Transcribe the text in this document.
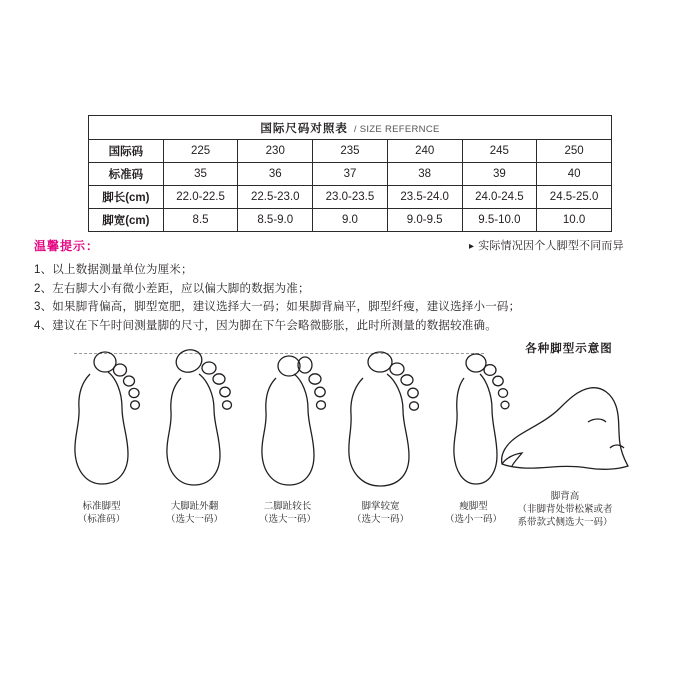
国际尺码对照表 / SIZE REFERNCE						
国际码	225	230	235	240	245	250
标准码	35	36	37	38	39	40
脚长(cm)	22.0-22.5	22.5-23.0	23.0-23.5	23.5-24.0	24.0-24.5	24.5-25.0
脚宽(cm)	8.5	8.5-9.0	9.0	9.0-9.5	9.5-10.0	10.0
温馨提示：
1、以上数据测量单位为厘米；
2、左右脚大小有微小差距，应以偏大脚的数据为准；
3、如果脚背偏高，脚型宽肥，建议选择大一码；如果脚背扁平，脚型纤瘦，建议选择小一码；
4、建议在下午时间测量脚的尺寸，因为脚在下午会略微膨胀，此时所测量的数据较准确。
▸ 实际情况因个人脚型不同而异
标准脚型
（标准码）
大脚趾外翻
（选大一码）
二脚趾较长
（选大一码）
脚掌较宽
（选大一码）
瘦脚型
（选小一码）
各种脚型示意图
脚背高
（非脚背处带松紧或者
系带款式侧选大一码）
